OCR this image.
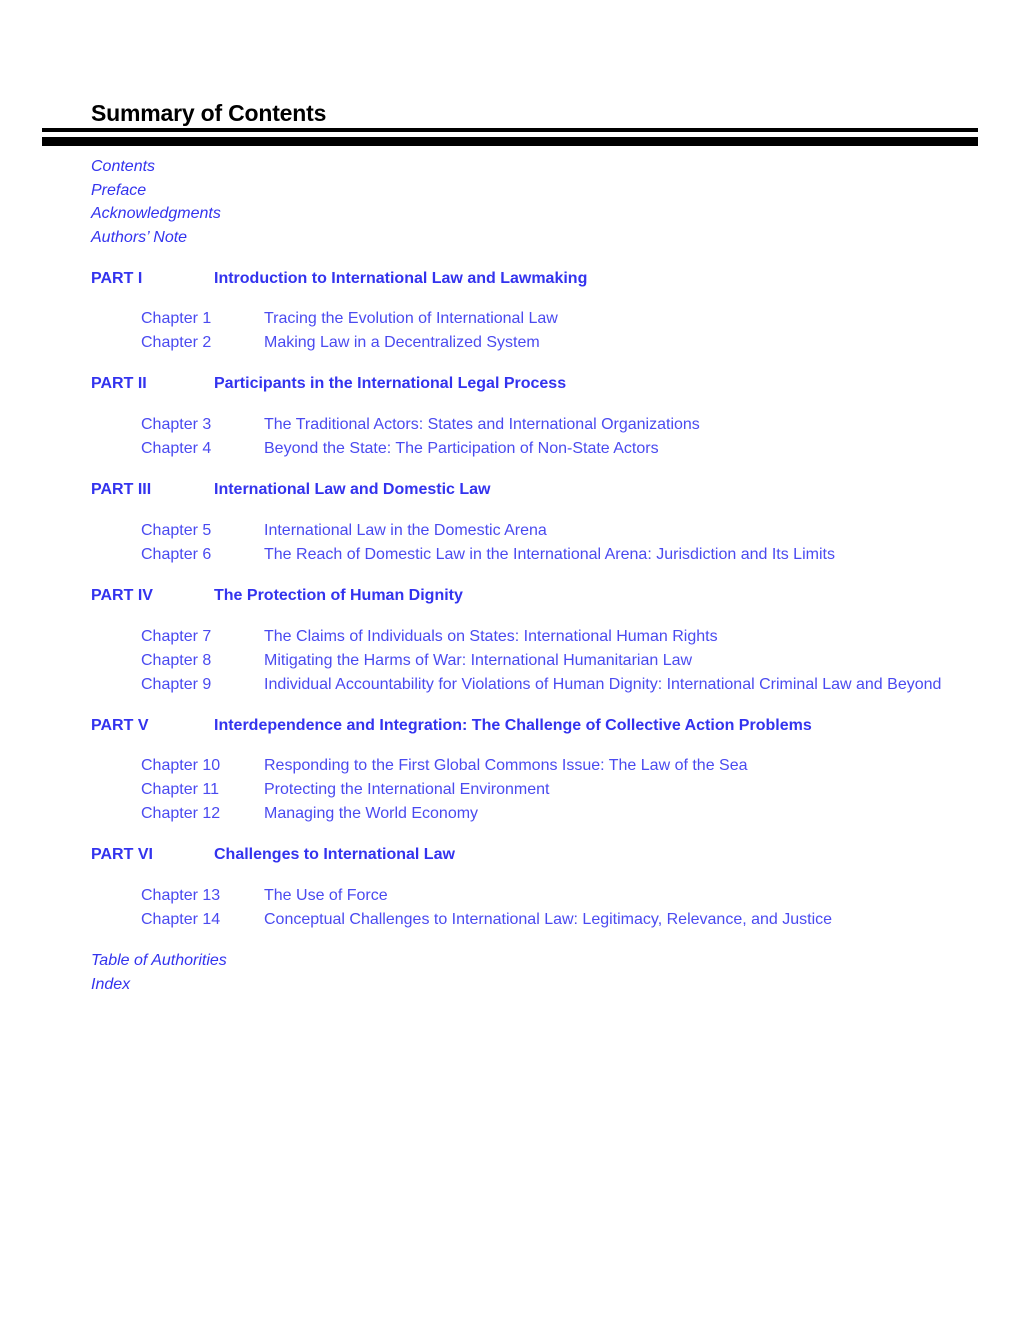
Summary of Contents
Contents
Preface
Acknowledgments
Authors’ Note
PART I	Introduction to International Law and Lawmaking
Chapter 1	Tracing the Evolution of International Law
Chapter 2	Making Law in a Decentralized System
PART II	Participants in the International Legal Process
Chapter 3	The Traditional Actors: States and International Organizations
Chapter 4	Beyond the State: The Participation of Non-State Actors
PART III	International Law and Domestic Law
Chapter 5	International Law in the Domestic Arena
Chapter 6	The Reach of Domestic Law in the International Arena: Jurisdiction and Its Limits
PART IV	The Protection of Human Dignity
Chapter 7	The Claims of Individuals on States: International Human Rights
Chapter 8	Mitigating the Harms of War: International Humanitarian Law
Chapter 9	Individual Accountability for Violations of Human Dignity: International Criminal Law and Beyond
PART V	Interdependence and Integration: The Challenge of Collective Action Problems
Chapter 10	Responding to the First Global Commons Issue: The Law of the Sea
Chapter 11	Protecting the International Environment
Chapter 12	Managing the World Economy
PART VI	Challenges to International Law
Chapter 13	The Use of Force
Chapter 14	Conceptual Challenges to International Law: Legitimacy, Relevance, and Justice
Table of Authorities
Index
